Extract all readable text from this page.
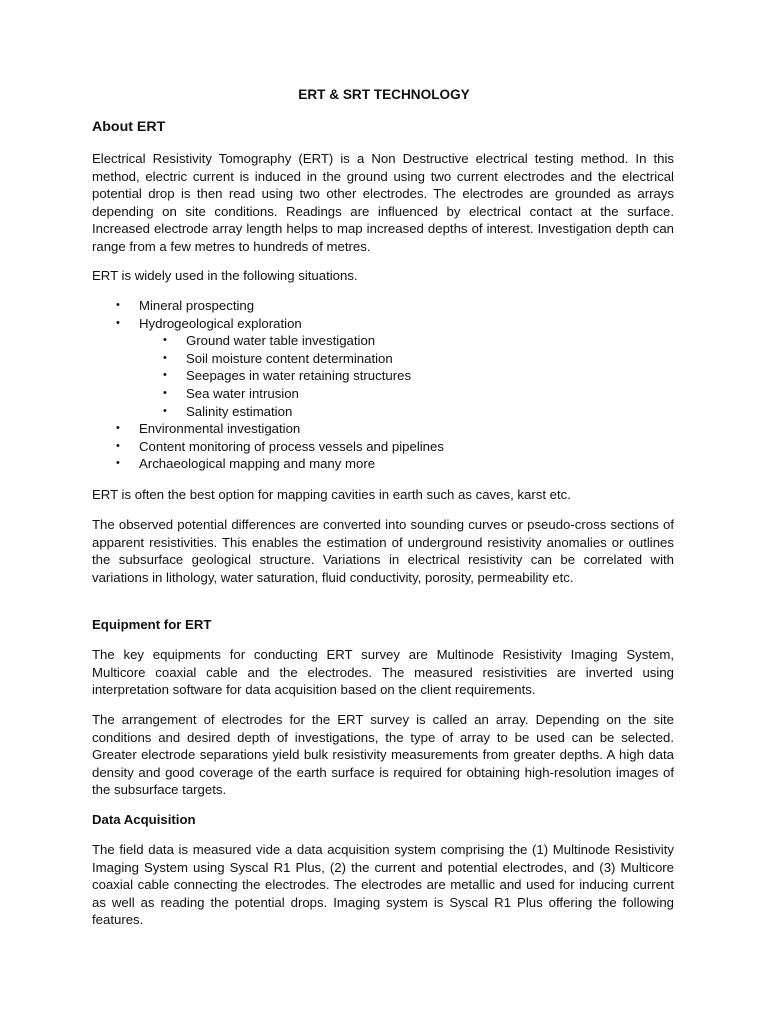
ERT & SRT TECHNOLOGY

About ERT

Electrical Resistivity Tomography (ERT) is a Non Destructive electrical testing method. In this method, electric current is induced in the ground using two current electrodes and the electrical potential drop is then read using two other electrodes. The electrodes are grounded as arrays depending on site conditions. Readings are influenced by electrical contact at the surface. Increased electrode array length helps to map increased depths of interest. Investigation depth can range from a few metres to hundreds of metres.

ERT is widely used in the following situations.

• Mineral prospecting
• Hydrogeological exploration
• Ground water table investigation
• Soil moisture content determination
• Seepages in water retaining structures
• Sea water intrusion
• Salinity estimation
• Environmental investigation
• Content monitoring of process vessels and pipelines
• Archaeological mapping and many more

ERT is often the best option for mapping cavities in earth such as caves, karst etc.

The observed potential differences are converted into sounding curves or pseudo-cross sections of apparent resistivities. This enables the estimation of underground resistivity anomalies or outlines the subsurface geological structure. Variations in electrical resistivity can be correlated with variations in lithology, water saturation, fluid conductivity, porosity, permeability etc.

Equipment for ERT

The key equipments for conducting ERT survey are Multinode Resistivity Imaging System, Multicore coaxial cable and the electrodes. The measured resistivities are inverted using interpretation software for data acquisition based on the client requirements.

The arrangement of electrodes for the ERT survey is called an array. Depending on the site conditions and desired depth of investigations, the type of array to be used can be selected. Greater electrode separations yield bulk resistivity measurements from greater depths. A high data density and good coverage of the earth surface is required for obtaining high-resolution images of the subsurface targets.

Data Acquisition

The field data is measured vide a data acquisition system comprising the (1) Multinode Resistivity Imaging System using Syscal R1 Plus, (2) the current and potential electrodes, and (3) Multicore coaxial cable connecting the electrodes. The electrodes are metallic and used for inducing current as well as reading the potential drops. Imaging system is Syscal R1 Plus offering the following features.
